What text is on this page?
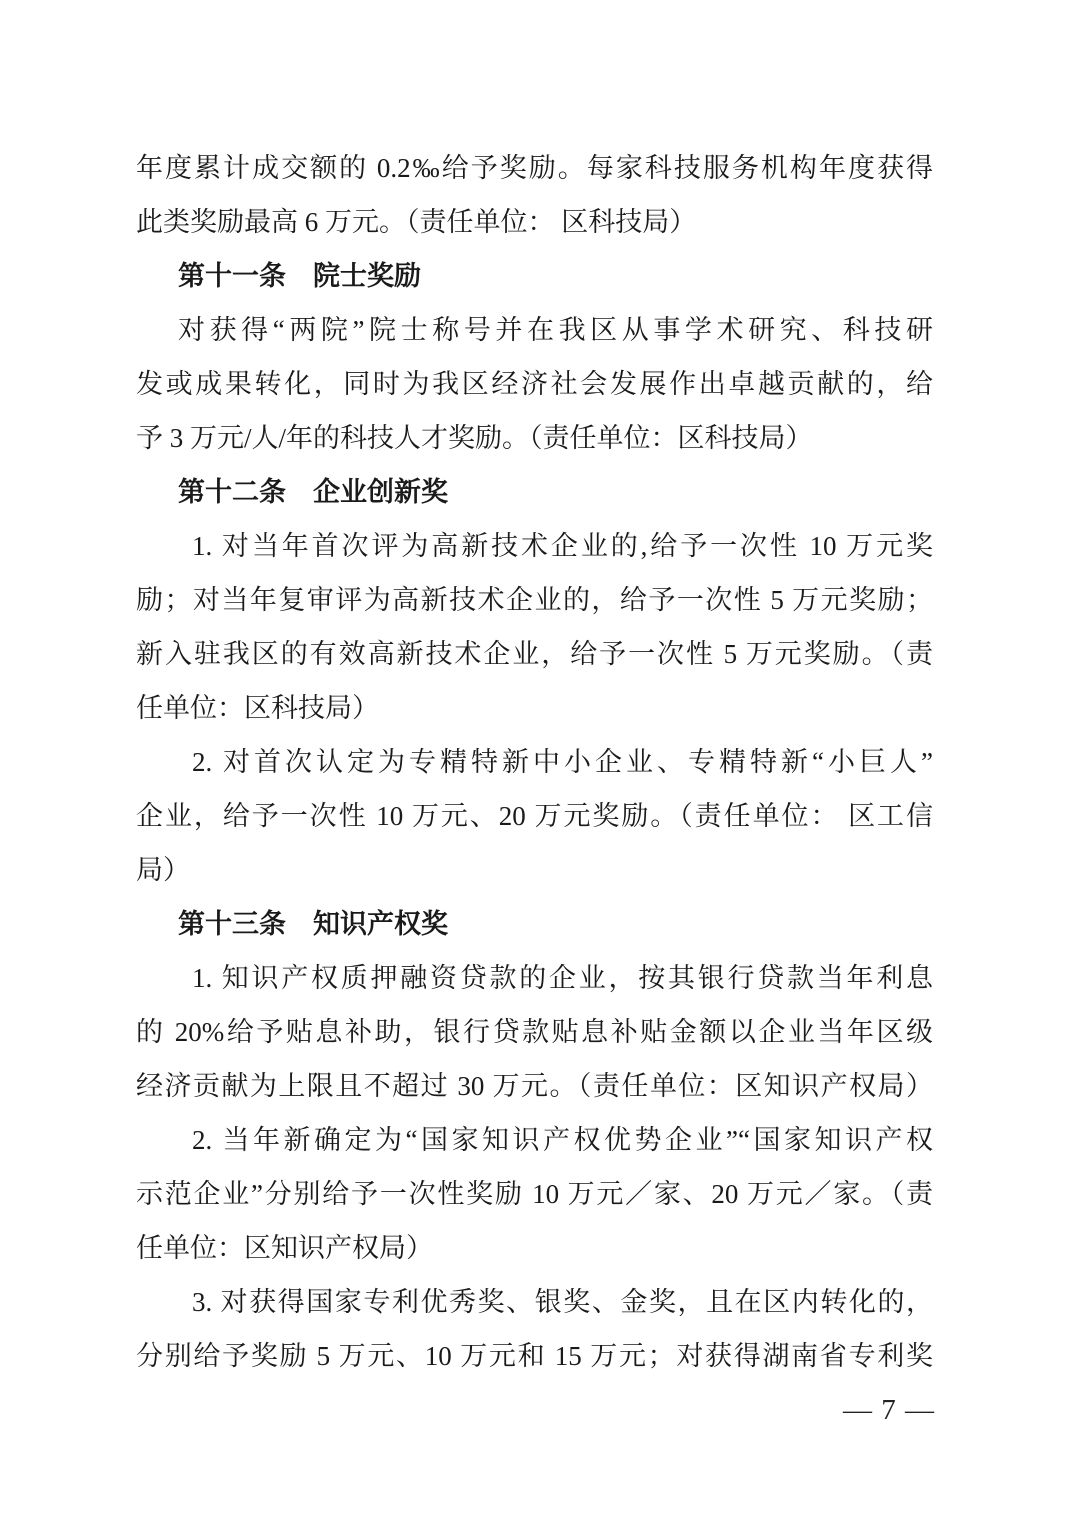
年度累计成交额的 0.2‰给予奖励。每家科技服务机构年度获得
此类奖励最高 6 万元。（责任单位： 区科技局）
第十一条　院士奖励
对获得“两院”院士称号并在我区从事学术研究、科技研
发或成果转化，同时为我区经济社会发展作出卓越贡献的，给
予 3 万元/人/年的科技人才奖励。（责任单位：区科技局）
第十二条　企业创新奖
1. 对当年首次评为高新技术企业的,给予一次性 10 万元奖
励；对当年复审评为高新技术企业的，给予一次性 5 万元奖励；
新入驻我区的有效高新技术企业，给予一次性 5 万元奖励。（责
任单位：区科技局）
2. 对首次认定为专精特新中小企业、专精特新“小巨人”
企业，给予一次性 10 万元、20 万元奖励。（责任单位： 区工信
局）
第十三条　知识产权奖
1. 知识产权质押融资贷款的企业，按其银行贷款当年利息
的 20%给予贴息补助，银行贷款贴息补贴金额以企业当年区级
经济贡献为上限且不超过 30 万元。（责任单位：区知识产权局）
2. 当年新确定为“国家知识产权优势企业”“国家知识产权
示范企业”分别给予一次性奖励 10 万元／家、20 万元／家。（责
任单位：区知识产权局）
3. 对获得国家专利优秀奖、银奖、金奖，且在区内转化的，
分别给予奖励 5 万元、10 万元和 15 万元；对获得湖南省专利奖
— 7 —
